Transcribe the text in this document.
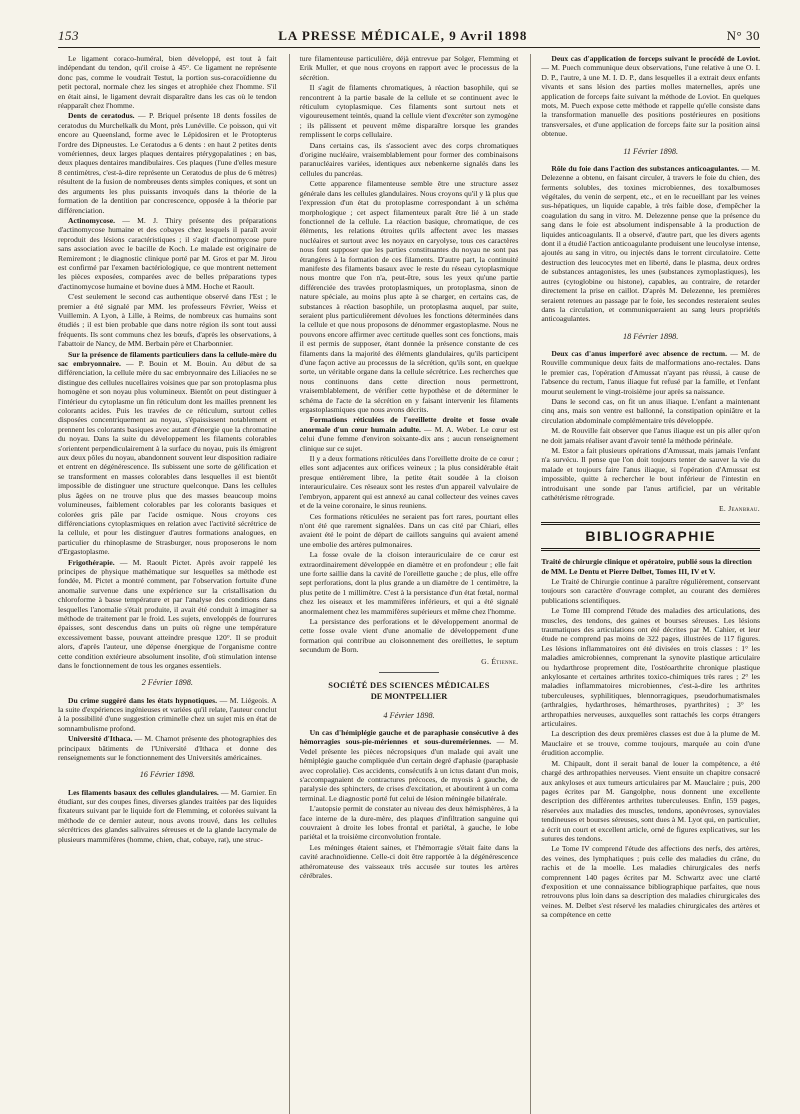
153	LA PRESSE MÉDICALE, 9 Avril 1898	N° 30

Le ligament coraco-huméral, bien développé, est tout à fait indépendant du tendon, qu'il croise à 45°. Ce ligament ne représente donc pas, comme le voudrait Testut, la portion sus-coracoïdienne du petit pectoral, normale chez les singes et atrophiée chez l'homme. S'il en était ainsi, le ligament devrait disparaître dans les cas où le tendon réapparaît chez l'homme.

Dents de ceratodus. — P. Briquel présente 18 dents fossiles de ceratodus du Murchelkalk du Mont, près Lunéville. Ce poisson, qui vit encore au Queensland, forme avec le Lépidosiren et le Protopterus l'ordre des Dipneustes. Le Ceratodus a 6 dents : en haut 2 petites dents vomériennes, deux larges plaques dentaires ptérygopalatines ; en bas, deux plaques dentaires mandibulaires. Ces plaques (l'une d'elles mesure 8 centimètres, c'est-à-dire représente un Ceratodus de plus de 6 mètres) résultent de la fusion de nombreuses dents simples coniques, et sont un des arguments les plus puissants invoqués dans la théorie de la formation de la dentition par concrescence, opposée à la théorie par différenciation.

Actinomycose. — M. J. Thiry présente des préparations d'actinomycose humaine et des cobayes chez lesquels il paraît avoir reproduit des lésions caractéristiques ; il s'agit d'actinomycose pure sans association avec le bacille de Koch. Le malade est originaire de Remiremont ; le diagnostic clinique porté par M. Gros et par M. Jirou est confirmé par l'examen bactériologique, ce que montrent nettement les pièces exposées, comparées avec de belles préparations types d'actinomycose humaine et bovine dues à MM. Hoche et Raoult.

C'est seulement le second cas authentique observé dans l'Est ; le premier a été signalé par MM. les professeurs Février, Weiss et Vuillemin. A Lyon, à Lille, à Reims, de nombreux cas humains sont étudiés ; il est bien probable que dans notre région ils sont tout aussi fréquents. Ils sont communs chez les bœufs, d'après les observations, à l'abattoir de Nancy, de MM. Berbain père et Charbonnier.

Sur la présence de filaments particuliers dans la cellule-mère du sac embryonnaire. — P. Bouin et M. Bouin. Au début de sa différenciation, la cellule mère du sac embryonnaire des Liliacées ne se distingue des cellules nucellaires voisines que par son protoplasma plus homogène et son noyau plus volumineux. Bientôt on peut distinguer à l'intérieur du cytoplasme un fin réticulum dont les mailles prennent les colorants acides. Puis les travées de ce réticulum, surtout celles disposées concentriquement au noyau, s'épaississent notablement et prennent les colorants basiques avec autant d'énergie que la chromatine du noyau. Dans la suite du développement les filaments colorables s'orientent perpendiculairement à la surface du noyau, puis ils émigrent aux deux pôles du noyau, abandonnent souvent leur disposition radiaire et entrent en dégénérescence. Ils subissent une sorte de gélification et se transforment en masses colorables dans lesquelles il est bientôt impossible de distinguer une structure quelconque. Dans les cellules plus âgées on ne trouve plus que des masses beaucoup moins volumineuses, faiblement colorables par les colorants basiques et colorées gris pâle par l'acide osmique. Nous croyons ces différenciations cytoplasmiques en relation avec l'activité sécrétrice de la cellule, et pour les distinguer d'autres formations analogues, en particulier du rhinoplasme de Strasburger, nous proposerons le nom d'Ergastoplasme.

Frigothérapie. — M. Raoult Pictet. Après avoir rappelé les principes de physique mathématique sur lesquelles sa méthode est fondée, M. Pictet a montré comment, par l'observation fortuite d'une anomalie survenue dans une expérience sur la cristallisation du chloroforme à basse température et par l'analyse des conditions dans lesquelles l'anomalie s'était produite, il avait été conduit à imaginer sa méthode de traitement par le froid. Les sujets, enveloppés de fourrures épaisses, sont descendus dans un puits où règne une température excessivement basse, pouvant atteindre presque 120°. Il se produit alors, d'après l'auteur, une dépense énergique de l'organisme contre cette condition extérieure absolument insolite, d'où stimulation intense dans le fonctionnement de tous les organes essentiels.

2 Février 1898.

Du crime suggéré dans les états hypnotiques. — M. Liégeois. A la suite d'expériences ingénieuses et variées qu'il relate, l'auteur conclut à la possibilité d'une suggestion criminelle chez un sujet mis en état de somnambulisme profond.

Université d'Ithaca. — M. Chamot présente des photographies des principaux bâtiments de l'Université d'Ithaca et donne des renseignements sur le fonctionnement des Universités américaines.

16 Février 1898.

Les filaments basaux des cellules glandulaires. — M. Garnier. En étudiant, sur des coupes fines, diverses glandes traitées par des liquides fixateurs suivant par le liquide fort de Flemming, et colorées suivant la méthode de ce dernier auteur, nous avons trouvé, dans les cellules sécrétrices des glandes salivaires séreuses et de la glande lacrymale de plusieurs mammifères (homme, chien, chat, cobaye, rat), une struc-

ture filamenteuse particulière, déjà entrevue par Solger, Flemming et Erik Muller, et que nous croyons en rapport avec le processus de la sécrétion.

Il s'agit de filaments chromatiques, à réaction basophile, qui se rencontrent à la partie basale de la cellule et se continuent avec le réticulum cytoplasmique. Ces filaments sont surtout nets et vigoureusement teintés, quand la cellule vient d'excréter son zymogène ; ils pâlissent et peuvent même disparaître lorsque les grandes remplissent le corps cellulaire.

Dans certains cas, ils s'associent avec des corps chromatiques d'origine nucléaire, vraisemblablement pour former des combinaisons paranucléaires variées, identiques aux nebenkerne signalés dans les cellules du pancréas.

Cette apparence filamenteuse semble être une structure assez générale dans les cellules glandulaires. Nous croyons qu'il y là plus que l'expression d'un état du protoplasme correspondant à un schéma morphologique ; cet aspect filamenteux paraît être lié à un stade fonctionnel de la cellule. La réaction basique, chromatique, de ces éléments, les relations étroites qu'ils affectent avec les masses nucléaires et surtout avec les noyaux en caryolyse, tous ces caractères nous font supposer que les parties constituantes du noyau ne sont pas étrangères à la formation de ces filaments. D'autre part, la continuité manifeste des filaments basaux avec le reste du réseau cytoplasmique nous montre que l'on n'a, peut-être, sous les yeux qu'une partie différenciée des travées protoplasmiques, un protoplasma, sinon de nature spéciale, au moins plus apte à se charger, en certains cas, de substances à réaction basophile, un protoplasma auquel, par suite, seraient plus particulièrement dévolues les fonctions déterminées dans la cellule et que nous proposons de dénommer ergastoplasme. Nous ne pouvons encore affirmer avec certitude quelles sont ces fonctions, mais il est permis de supposer, étant donnée la présence constante de ces filaments dans la majorité des éléments glandulaires, qu'ils participent d'une façon active au processus de la sécrétion, qu'ils sont, en quelque sorte, un véritable organe dans la cellule sécrétrice. Les recherches que nous continuons dans cette direction nous permettront, vraisemblablement, de vérifier cette hypothèse et de déterminer le schéma de l'acte de la sécrétion en y faisant intervenir les filaments ergastoplasmiques que nous avons décrits.

Formations réticulées de l'oreillette droite et fosse ovale anormale d'un cœur humain adulte. — M. A. Weber. Le cœur est celui d'une femme d'environ soixante-dix ans ; aucun renseignement clinique sur ce sujet.

Il y a deux formations réticulées dans l'oreillette droite de ce cœur ; elles sont adjacentes aux orifices veineux ; la plus considérable était presque entièrement libre, la petite était soudée à la cloison interauriculaire. Ces réseaux sont les restes d'un appareil valvulaire de l'embryon, apparent qui est annexé au canal collecteur des veines caves et de la veine coronaire, le sinus reuniens.

Ces formations réticulées ne seraient pas fort rares, pourtant elles n'ont été que rarement signalées. Dans un cas cité par Chiari, elles avaient été le point de départ de caillots sanguins qui avaient amené une embolie des artères pulmonaires.

La fosse ovale de la cloison interauriculaire de ce cœur est extraordinairement développée en diamètre et en profondeur ; elle fait une forte saillie dans la cavité de l'oreillette gauche ; de plus, elle offre sept perforations, dont la plus grande a un diamètre de 1 centimètre, la plus petite de 1 millimètre. C'est à la persistance d'un état fœtal, normal chez les oiseaux et les mammifères inférieurs, et qui a été signalé anormalement chez les mammifères supérieurs et même chez l'homme.

La persistance des perforations et le développement anormal de cette fosse ovale vient d'une anomalie de développement d'une formation qui contribue au cloisonnement des oreillettes, le septum secundum de Born.

G. Étienne.
SOCIÉTÉ DES SCIENCES MÉDICALES
DE MONTPELLIER
4 Février 1898.

Un cas d'hémiplégie gauche et de paraphasie consécutive à des hémorragies sous-pie-mériennes et sous-duremériennes. — M. Vedel présente les pièces nécropsiques d'un malade qui avait une hémiplégie gauche compliquée d'un certain degré d'aphasie (paraphasie avec coprolalie). Ces accidents, consécutifs à un ictus datant d'un mois, s'accompagnaient de contractures précoces, de myosis à gauche, de paralysie des sphincters, de crises d'excitation, et aboutirent à un coma terminal. Le diagnostic porté fut celui de lésion méningée bilatérale.

L'autopsie permit de constater au niveau des deux hémisphères, à la face interne de la dure-mère, des plaques d'infiltration sanguine qui couvraient à droite les lobes frontal et pariétal, à gauche, le lobe pariétal et la troisième circonvolution frontale.

Les méninges étaient saines, et l'hémorragie s'était faite dans la cavité arachnoïdienne. Celle-ci doit être rapportée à la dégénérescence athéromateuse des vaisseaux très accusée sur toutes les artères cérébrales.

Deux cas d'application de forceps suivant le procédé de Loviot. — M. Puech communique deux observations, l'une relative à une O. I. D. P., l'autre, à une M. I. D. P., dans lesquelles il a extrait deux enfants vivants et sans lésion des parties molles maternelles, après une application de forceps faite suivant la méthode de Loviot. En quelques mots, M. Puech expose cette méthode et rappelle qu'elle consiste dans la transformation manuelle des positions postérieures en positions transversales, et d'une application de forceps faite sur la position ainsi obtenue.

11 Février 1898.

Rôle du foie dans l'action des substances anticoagulantes. — M. Delezenne a obtenu, en faisant circuler, à travers le foie du chien, des ferments solubles, des toxines microbiennes, des toxalbumoses végétales, du venin de serpent, etc., et en le recueillant par les veines sus-hépatiques, un liquide capable, à très faible dose, d'empêcher la coagulation du sang in vitro. M. Delezenne pense que la présence du sang dans le foie est absolument indispensable à la production de liquides anticoagulants. Il a observé, d'autre part, que les divers agents dont il a étudié l'action anticoagulante produisent une leucolyse intense, ajoutés au sang in vitro, ou injectés dans le torrent circulatoire. Cette destruction des leucocytes met en liberté, dans le plasma, deux ordres de substances antagonistes, les unes (substances zymoplastiques), les autres (cytoglobine ou histone), capables, au contraire, de retarder directement la prise en caillot. D'après M. Delezenne, les premières seraient retenues au passage par le foie, les secondes resteraient seules dans la circulation, et communiqueraient au sang leurs propriétés anticoagulantes.

18 Février 1898.

Deux cas d'anus imperforé avec absence de rectum. — M. de Rouville communique deux faits de malformations ano-rectales. Dans le premier cas, l'opération d'Amussat n'ayant pas réussi, à cause de l'absence du rectum, l'anus iliaque fut refusé par la famille, et l'enfant mourut seulement le vingt-troisième jour après sa naissance.

Dans le second cas, on fit un anus iliaque. L'enfant a maintenant cinq ans, mais son ventre est ballonné, la constipation opiniâtre et la circulation abdominale complémentaire très développée.

M. de Rouville fait observer que l'anus iliaque est un pis aller qu'on ne doit jamais réaliser avant d'avoir tenté la méthode périnéale.

M. Estor a fait plusieurs opérations d'Amussat, mais jamais l'enfant n'a survécu. Il pense que l'on doit toujours tenter de sauver la vie du malade et toujours faire l'anus iliaque, si l'opération d'Amussat est impossible, quitte à rechercher le bout inférieur de l'intestin en introduisant une sonde par l'anus artificiel, par un véritable cathétérisme rétrograde.

E. Jeanbrau.
BIBLIOGRAPHIE

Traité de chirurgie clinique et opératoire, publié sous la direction de MM. Le Dentu et Pierre Delbet, Tomes III, IV et V.

Le Traité de Chirurgie continue à paraître régulièrement, conservant toujours son caractère d'ouvrage complet, au courant des dernières publications scientifiques.

Le Tome III comprend l'étude des maladies des articulations, des muscles, des tendons, des gaines et bourses séreuses. Les lésions traumatiques des articulations ont été décrites par M. Cahier, et leur étude ne comprend pas moins de 322 pages, illustrées de 117 figures. Les lésions inflammatoires ont été divisées en trois classes : 1° les maladies amicrobiennes, comprenant la synovite plastique articulaire ou hydarthrose proprement dite, l'ostéoarthrite chronique plastique ankylosante et certaines arthrites toxico-chimiques très rares ; 2° les maladies inflammatoires microbiennes, c'est-à-dire les arthrites tuberculeuses, syphilitiques, blennorragiques, pseudorhumatismales (arthralgies, hydarthroses, hémarthroses, pyarthrites) ; 3° les arthropathies nerveuses, auxquelles sont rattachés les corps étrangers articulaires.

La description des deux premières classes est due à la plume de M. Mauclaire et se trouve, comme toujours, marquée au coin d'une érudition accomplie.

M. Chipault, dont il serait banal de louer la compétence, a été chargé des arthropathies nerveuses. Vient ensuite un chapitre consacré aux ankyloses et aux tumeurs articulaires par M. Mauclaire ; puis, 200 pages écrites par M. Gangolphe, nous donnent une excellente description des différentes arthrites tuberculeuses. Enfin, 159 pages, réservées aux maladies des muscles, tendons, aponévroses, synoviales tendineuses et bourses séreuses, sont dues à M. Lyot qui, en particulier, a écrit un court et excellent article, orné de figures explicatives, sur les sutures des tendons.

Le Tome IV comprend l'étude des affections des nerfs, des artères, des veines, des lymphatiques ; puis celle des maladies du crâne, du rachis et de la moelle. Les maladies chirurgicales des nerfs comprennent 140 pages écrites par M. Schwartz avec une clarté d'exposition et une connaissance bibliographique parfaites, que nous retrouvons plus loin dans sa description des maladies chirurgicales des veines. M. Delbet s'est réservé les maladies chirurgicales des artères et sa compétence en cette
